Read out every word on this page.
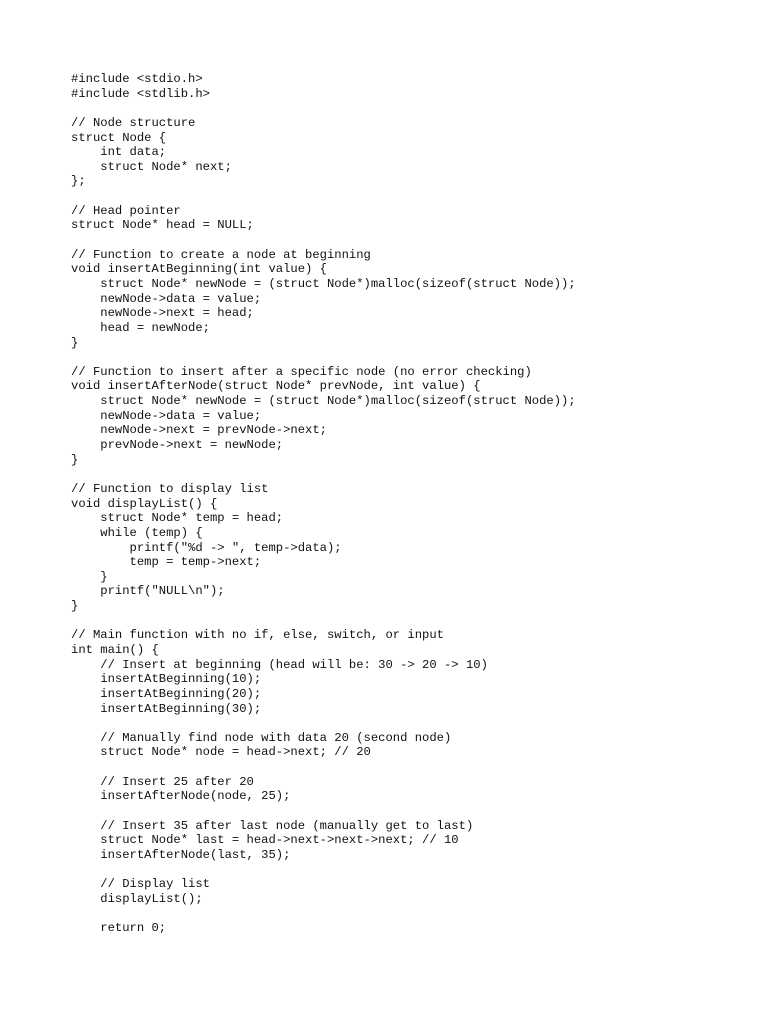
#include <stdio.h>
#include <stdlib.h>
// Node structure
struct Node {
int data;
struct Node* next;
};
// Head pointer
struct Node* head = NULL;
// Function to create a node at beginning
void insertAtBeginning(int value) {
struct Node* newNode = (struct Node*)malloc(sizeof(struct Node));
newNode->data = value;
newNode->next = head;
head = newNode;
}
// Function to insert after a specific node (no error checking)
void insertAfterNode(struct Node* prevNode, int value) {
struct Node* newNode = (struct Node*)malloc(sizeof(struct Node));
newNode->data = value;
newNode->next = prevNode->next;
prevNode->next = newNode;
}
// Function to display list
void displayList() {
struct Node* temp = head;
while (temp) {
printf("%d -> ", temp->data);
temp = temp->next;
}
printf("NULL\n");
}
// Main function with no if, else, switch, or input
int main() {
// Insert at beginning (head will be: 30 -> 20 -> 10)
insertAtBeginning(10);
insertAtBeginning(20);
insertAtBeginning(30);
// Manually find node with data 20 (second node)
struct Node* node = head->next; // 20
// Insert 25 after 20
insertAfterNode(node, 25);
// Insert 35 after last node (manually get to last)
struct Node* last = head->next->next->next; // 10
insertAfterNode(last, 35);
// Display list
displayList();
return 0;
